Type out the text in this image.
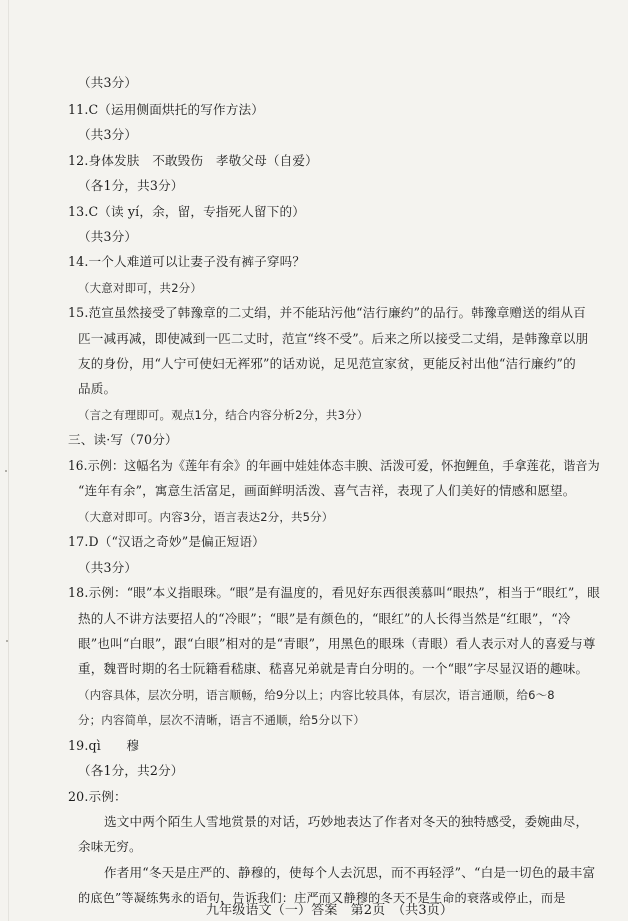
（共3分）
11.C（运用侧面烘托的写作方法）
（共3分）
12.身体发肤　不敢毁伤　孝敬父母（自爱）
（各1分，共3分）
13.C（读 yí，余，留，专指死人留下的）
（共3分）
14.一个人难道可以让妻子没有裤子穿吗？
（大意对即可，共2分）
15.范宣虽然接受了韩豫章的二丈绢，并不能玷污他“洁行廉约”的品行。韩豫章赠送的绢从百
匹一减再减，即使减到一匹二丈时，范宣“终不受”。后来之所以接受二丈绢，是韩豫章以朋
友的身份，用“人宁可使妇无裈邪”的话劝说，足见范宣家贫，更能反衬出他“洁行廉约”的
品质。
（言之有理即可。观点1分，结合内容分析2分，共3分）
三、读·写（70分）
16.示例：这幅名为《莲年有余》的年画中娃娃体态丰腴、活泼可爱，怀抱鲤鱼，手拿莲花，谐音为
“连年有余”，寓意生活富足，画面鲜明活泼、喜气吉祥，表现了人们美好的情感和愿望。
（大意对即可。内容3分，语言表达2分，共5分）
17.D（“汉语之奇妙”是偏正短语）
（共3分）
18.示例：“眼”本义指眼珠。“眼”是有温度的，看见好东西很羡慕叫“眼热”，相当于“眼红”，眼
热的人不讲方法要招人的“冷眼”；“眼”是有颜色的，“眼红”的人长得当然是“红眼”，“冷
眼”也叫“白眼”，跟“白眼”相对的是“青眼”，用黑色的眼珠（青眼）看人表示对人的喜爱与尊
重，魏晋时期的名士阮籍看嵇康、嵇喜兄弟就是青白分明的。一个“眼”字尽显汉语的趣味。
（内容具体，层次分明，语言顺畅，给9分以上；内容比较具体，有层次，语言通顺，给6～8
分；内容简单，层次不清晰，语言不通顺，给5分以下）
19.qì　　穆
（各1分，共2分）
20.示例：
选文中两个陌生人雪地赏景的对话，巧妙地表达了作者对冬天的独特感受，委婉曲尽，
余味无穷。
作者用“冬天是庄严的、静穆的，使每个人去沉思，而不再轻浮”、“白是一切色的最丰富
的底色”等凝练隽永的语句，告诉我们：庄严而又静穆的冬天不是生命的衰落或停止，而是
九年级语文（一）答案　第2页　（共3页）
